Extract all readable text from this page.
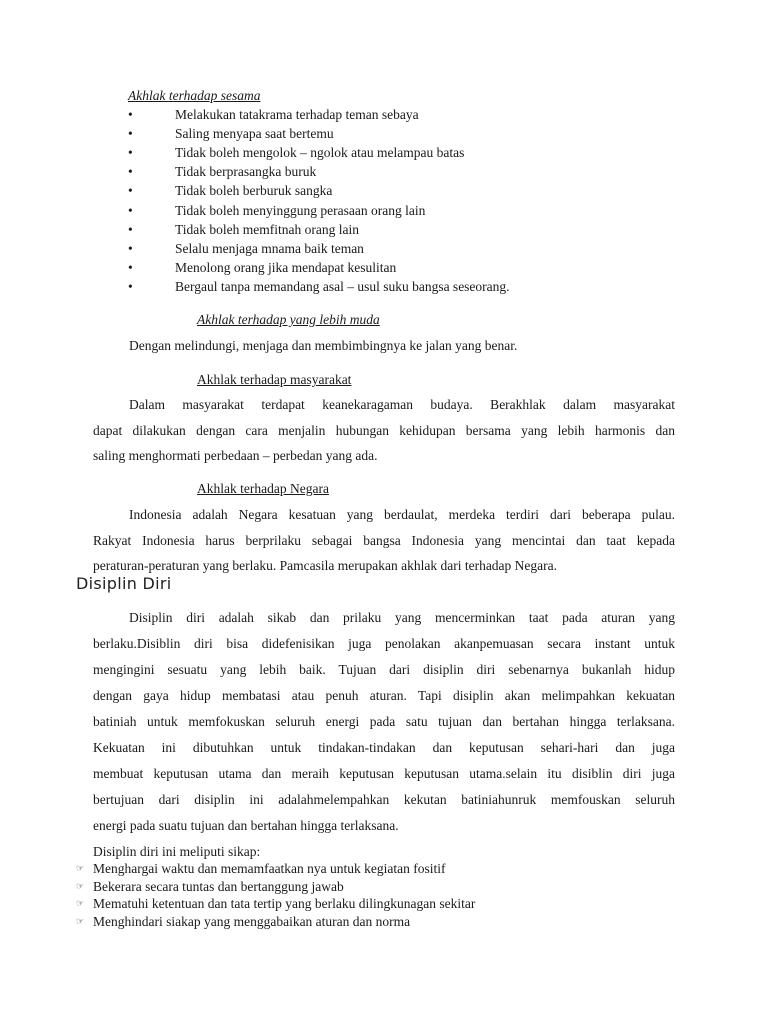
Akhlak terhadap sesama
•	Melakukan tatakrama terhadap teman sebaya
•	Saling menyapa saat bertemu
•	Tidak boleh mengolok – ngolok atau melampau batas
•	Tidak berprasangka buruk
•	Tidak boleh berburuk sangka
•	Tidak boleh menyinggung perasaan orang lain
•	Tidak boleh memfitnah orang lain
•	Selalu menjaga mnama baik teman
•	Menolong orang jika mendapat kesulitan
•	Bergaul tanpa memandang asal – usul suku bangsa seseorang.
Akhlak terhadap yang lebih muda
Dengan melindungi, menjaga dan membimbingnya ke jalan yang benar.
Akhlak terhadap masyarakat
Dalam masyarakat terdapat keanekaragaman budaya. Berakhlak dalam masyarakat
dapat dilakukan dengan cara menjalin hubungan kehidupan bersama yang lebih harmonis dan
saling menghormati perbedaan – perbedan yang ada.
Akhlak terhadap Negara
Indonesia adalah Negara kesatuan yang berdaulat, merdeka terdiri dari beberapa pulau.
Rakyat Indonesia harus berprilaku sebagai bangsa Indonesia yang mencintai dan taat kepada
peraturan-peraturan yang berlaku. Pamcasila merupakan akhlak dari terhadap Negara.
Disiplin Diri
Disiplin diri adalah sikab dan prilaku yang mencerminkan taat pada aturan yang
berlaku.Disiblin diri bisa didefenisikan juga penolakan akanpemuasan secara instant untuk
mengingini sesuatu yang lebih baik. Tujuan dari disiplin diri sebenarnya bukanlah hidup
dengan gaya hidup membatasi atau penuh aturan. Tapi disiplin akan melimpahkan kekuatan
batiniah untuk memfokuskan seluruh energi pada satu tujuan dan bertahan hingga terlaksana.
Kekuatan ini dibutuhkan untuk tindakan-tindakan dan keputusan sehari-hari dan juga
membuat keputusan utama dan meraih keputusan keputusan utama.selain itu disiblin diri juga
bertujuan dari disiplin ini adalahmelempahkan kekutan batiniahunruk memfouskan seluruh
energi pada suatu tujuan dan bertahan hingga terlaksana.
Disiplin diri ini meliputi sikap:
☞ Menghargai waktu dan memamfaatkan nya untuk kegiatan fositif
☞ Bekerara secara tuntas dan bertanggung jawab
☞ Mematuhi ketentuan dan tata tertip yang berlaku dilingkunagan sekitar
☞ Menghindari siakap yang menggabaikan aturan dan norma
